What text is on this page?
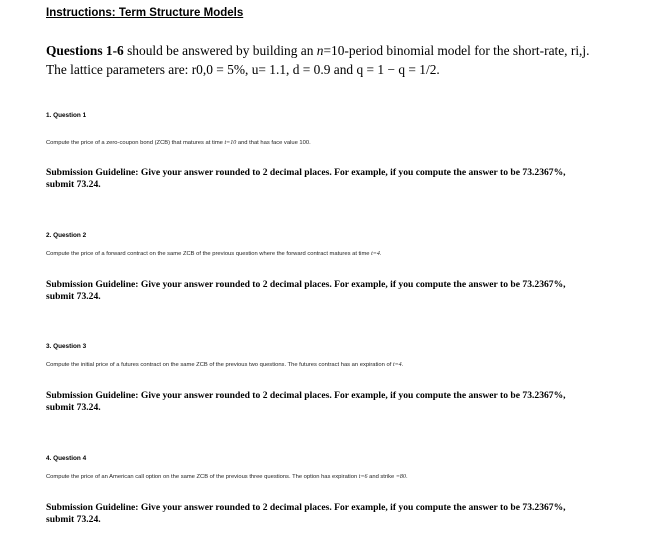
Instructions: Term Structure Models
Questions 1-6 should be answered by building an n=10-period binomial model for the short-rate, ri,j.
The lattice parameters are: r0,0 = 5%, u= 1.1, d = 0.9 and q = 1 − q = 1/2.
1. Question 1
Compute the price of a zero-coupon bond (ZCB) that matures at time t=10 and that has face value 100.
Submission Guideline: Give your answer rounded to 2 decimal places. For example, if you compute the answer to be 73.2367%,
submit 73.24.
2. Question 2
Compute the price of a forward contract on the same ZCB of the previous question where the forward contract matures at time t=4.
Submission Guideline: Give your answer rounded to 2 decimal places. For example, if you compute the answer to be 73.2367%,
submit 73.24.
3. Question 3
Compute the initial price of a futures contract on the same ZCB of the previous two questions. The futures contract has an expiration of t=4.
Submission Guideline: Give your answer rounded to 2 decimal places. For example, if you compute the answer to be 73.2367%,
submit 73.24.
4. Question 4
Compute the price of an American call option on the same ZCB of the previous three questions. The option has expiration t=6 and strike =80.
Submission Guideline: Give your answer rounded to 2 decimal places. For example, if you compute the answer to be 73.2367%,
submit 73.24.
